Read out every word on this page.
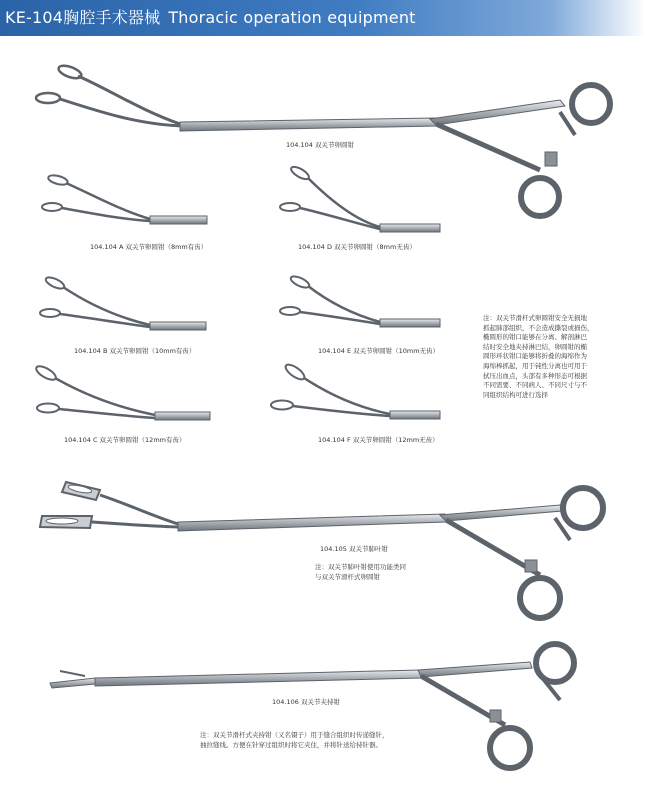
KE-104胸腔手术器械 Thoracic operation equipment
104.104 双关节卵圆钳
104.104 A 双关节卵圆钳（8mm有齿）	104.104 D 双关节卵圆钳（8mm无齿）
104.104 B 双关节卵圆钳（10mm有齿）	104.104 E 双关节卵圆钳（10mm无齿）
104.104 C 双关节卵圆钳（12mm有齿）	104.104 F 双关节卵圆钳（12mm无齿）
104.105 双关节肺叶钳
104.106 双关节夹持钳
注：双关节滑杆式卵圆钳安全无损地
抓起肺部组织，不会造成撕裂或损伤，
椭圆形的钳口能够在分离、解剖淋巴
结时安全地夹持淋巴结，卵圆钳的椭
圆形环状钳口能够将折叠的海绵作为
海绵棒抓起，用于钝性分离也可用于
拭压出血点，头部有多种形态可根据
不同需要、不同病人、不同尺寸与不
同组织结构可进行选择
注：双关节肺叶钳使用功能类同
与双关节滑杆式卵圆钳
注：双关节滑杆式夹持钳（又名镊子）用于缝合组织时传递缝针，
抽拉缝线。方便在针穿过组织时将它夹住，并将针送给持针器。
